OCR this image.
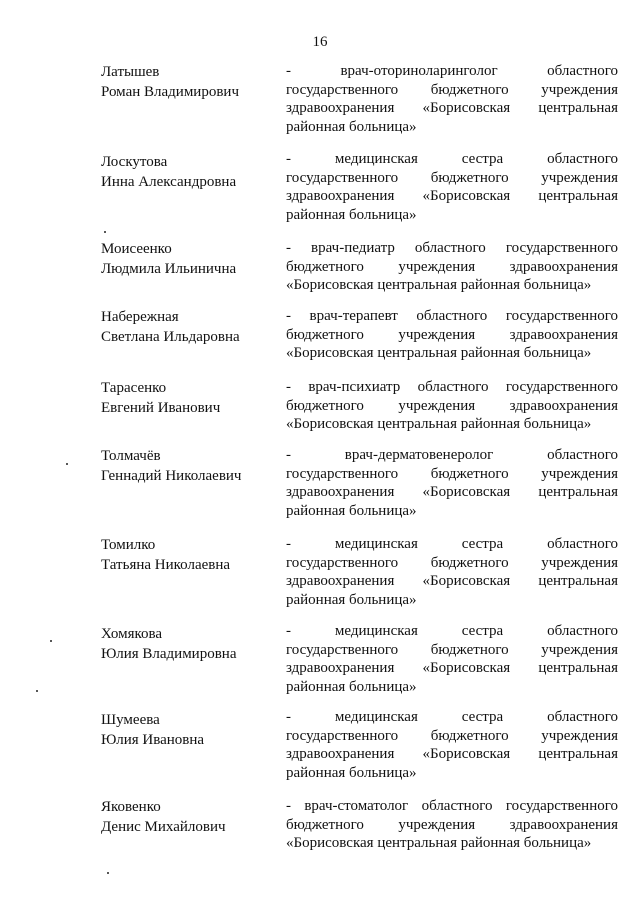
16
Латышев
Роман Владимирович
- врач-оториноларинголог областного
государственного бюджетного учреждения
здравоохранения «Борисовская центральная
районная больница»
Лоскутова
Инна Александровна
- медицинская сестра областного
государственного бюджетного учреждения
здравоохранения «Борисовская центральная
районная больница»
Моисеенко
Людмила Ильинична
- врач-педиатр областного государственного
бюджетного учреждения здравоохранения
«Борисовская центральная районная больница»
Набережная
Светлана Ильдаровна
- врач-терапевт областного государственного
бюджетного учреждения здравоохранения
«Борисовская центральная районная больница»
Тарасенко
Евгений Иванович
- врач-психиатр областного государственного
бюджетного учреждения здравоохранения
«Борисовская центральная районная больница»
Толмачёв
Геннадий Николаевич
- врач-дерматовенеролог областного
государственного бюджетного учреждения
здравоохранения «Борисовская центральная
районная больница»
Томилко
Татьяна Николаевна
- медицинская сестра областного
государственного бюджетного учреждения
здравоохранения «Борисовская центральная
районная больница»
Хомякова
Юлия Владимировна
- медицинская сестра областного
государственного бюджетного учреждения
здравоохранения «Борисовская центральная
районная больница»
Шумеева
Юлия Ивановна
- медицинская сестра областного
государственного бюджетного учреждения
здравоохранения «Борисовская центральная
районная больница»
Яковенко
Денис Михайлович
- врач-стоматолог областного государственного
бюджетного учреждения здравоохранения
«Борисовская центральная районная больница»
